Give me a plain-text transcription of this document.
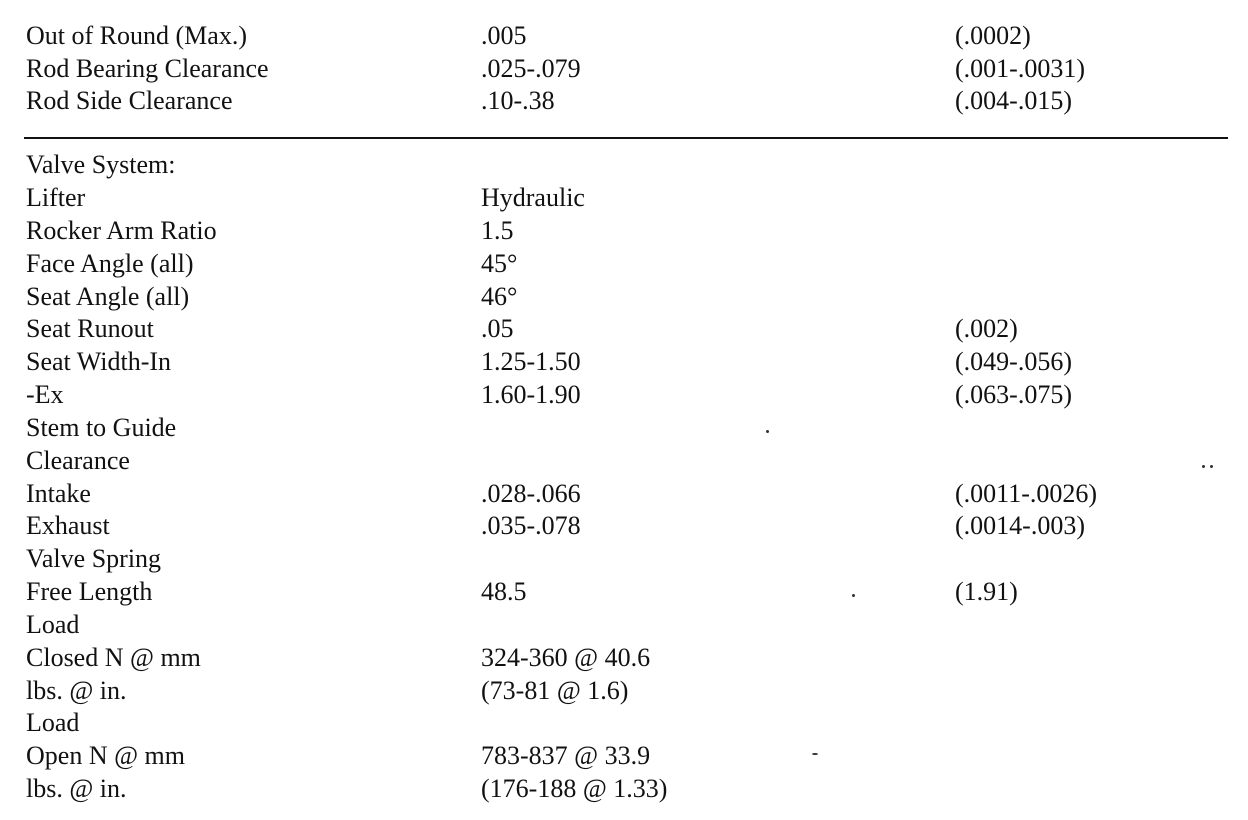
Out of Round (Max.)	.005	(.0002)
Rod Bearing Clearance	.025-.079	(.001-.0031)
Rod Side Clearance	.10-.38	(.004-.015)
Valve System:
Lifter	Hydraulic
Rocker Arm Ratio	1.5
Face Angle (all)	45°
Seat Angle (all)	46°
Seat Runout	.05	(.002)
Seat Width-In	1.25-1.50	(.049-.056)
-Ex	1.60-1.90	(.063-.075)
Stem to Guide
Clearance
Intake	.028-.066	(.0011-.0026)
Exhaust	.035-.078	(.0014-.003)
Valve Spring
Free Length	48.5	(1.91)
Load
Closed N @ mm	324-360 @ 40.6
lbs. @ in.	(73-81 @ 1.6)
Load
Open N @ mm	783-837 @ 33.9
lbs. @ in.	(176-188 @ 1.33)
